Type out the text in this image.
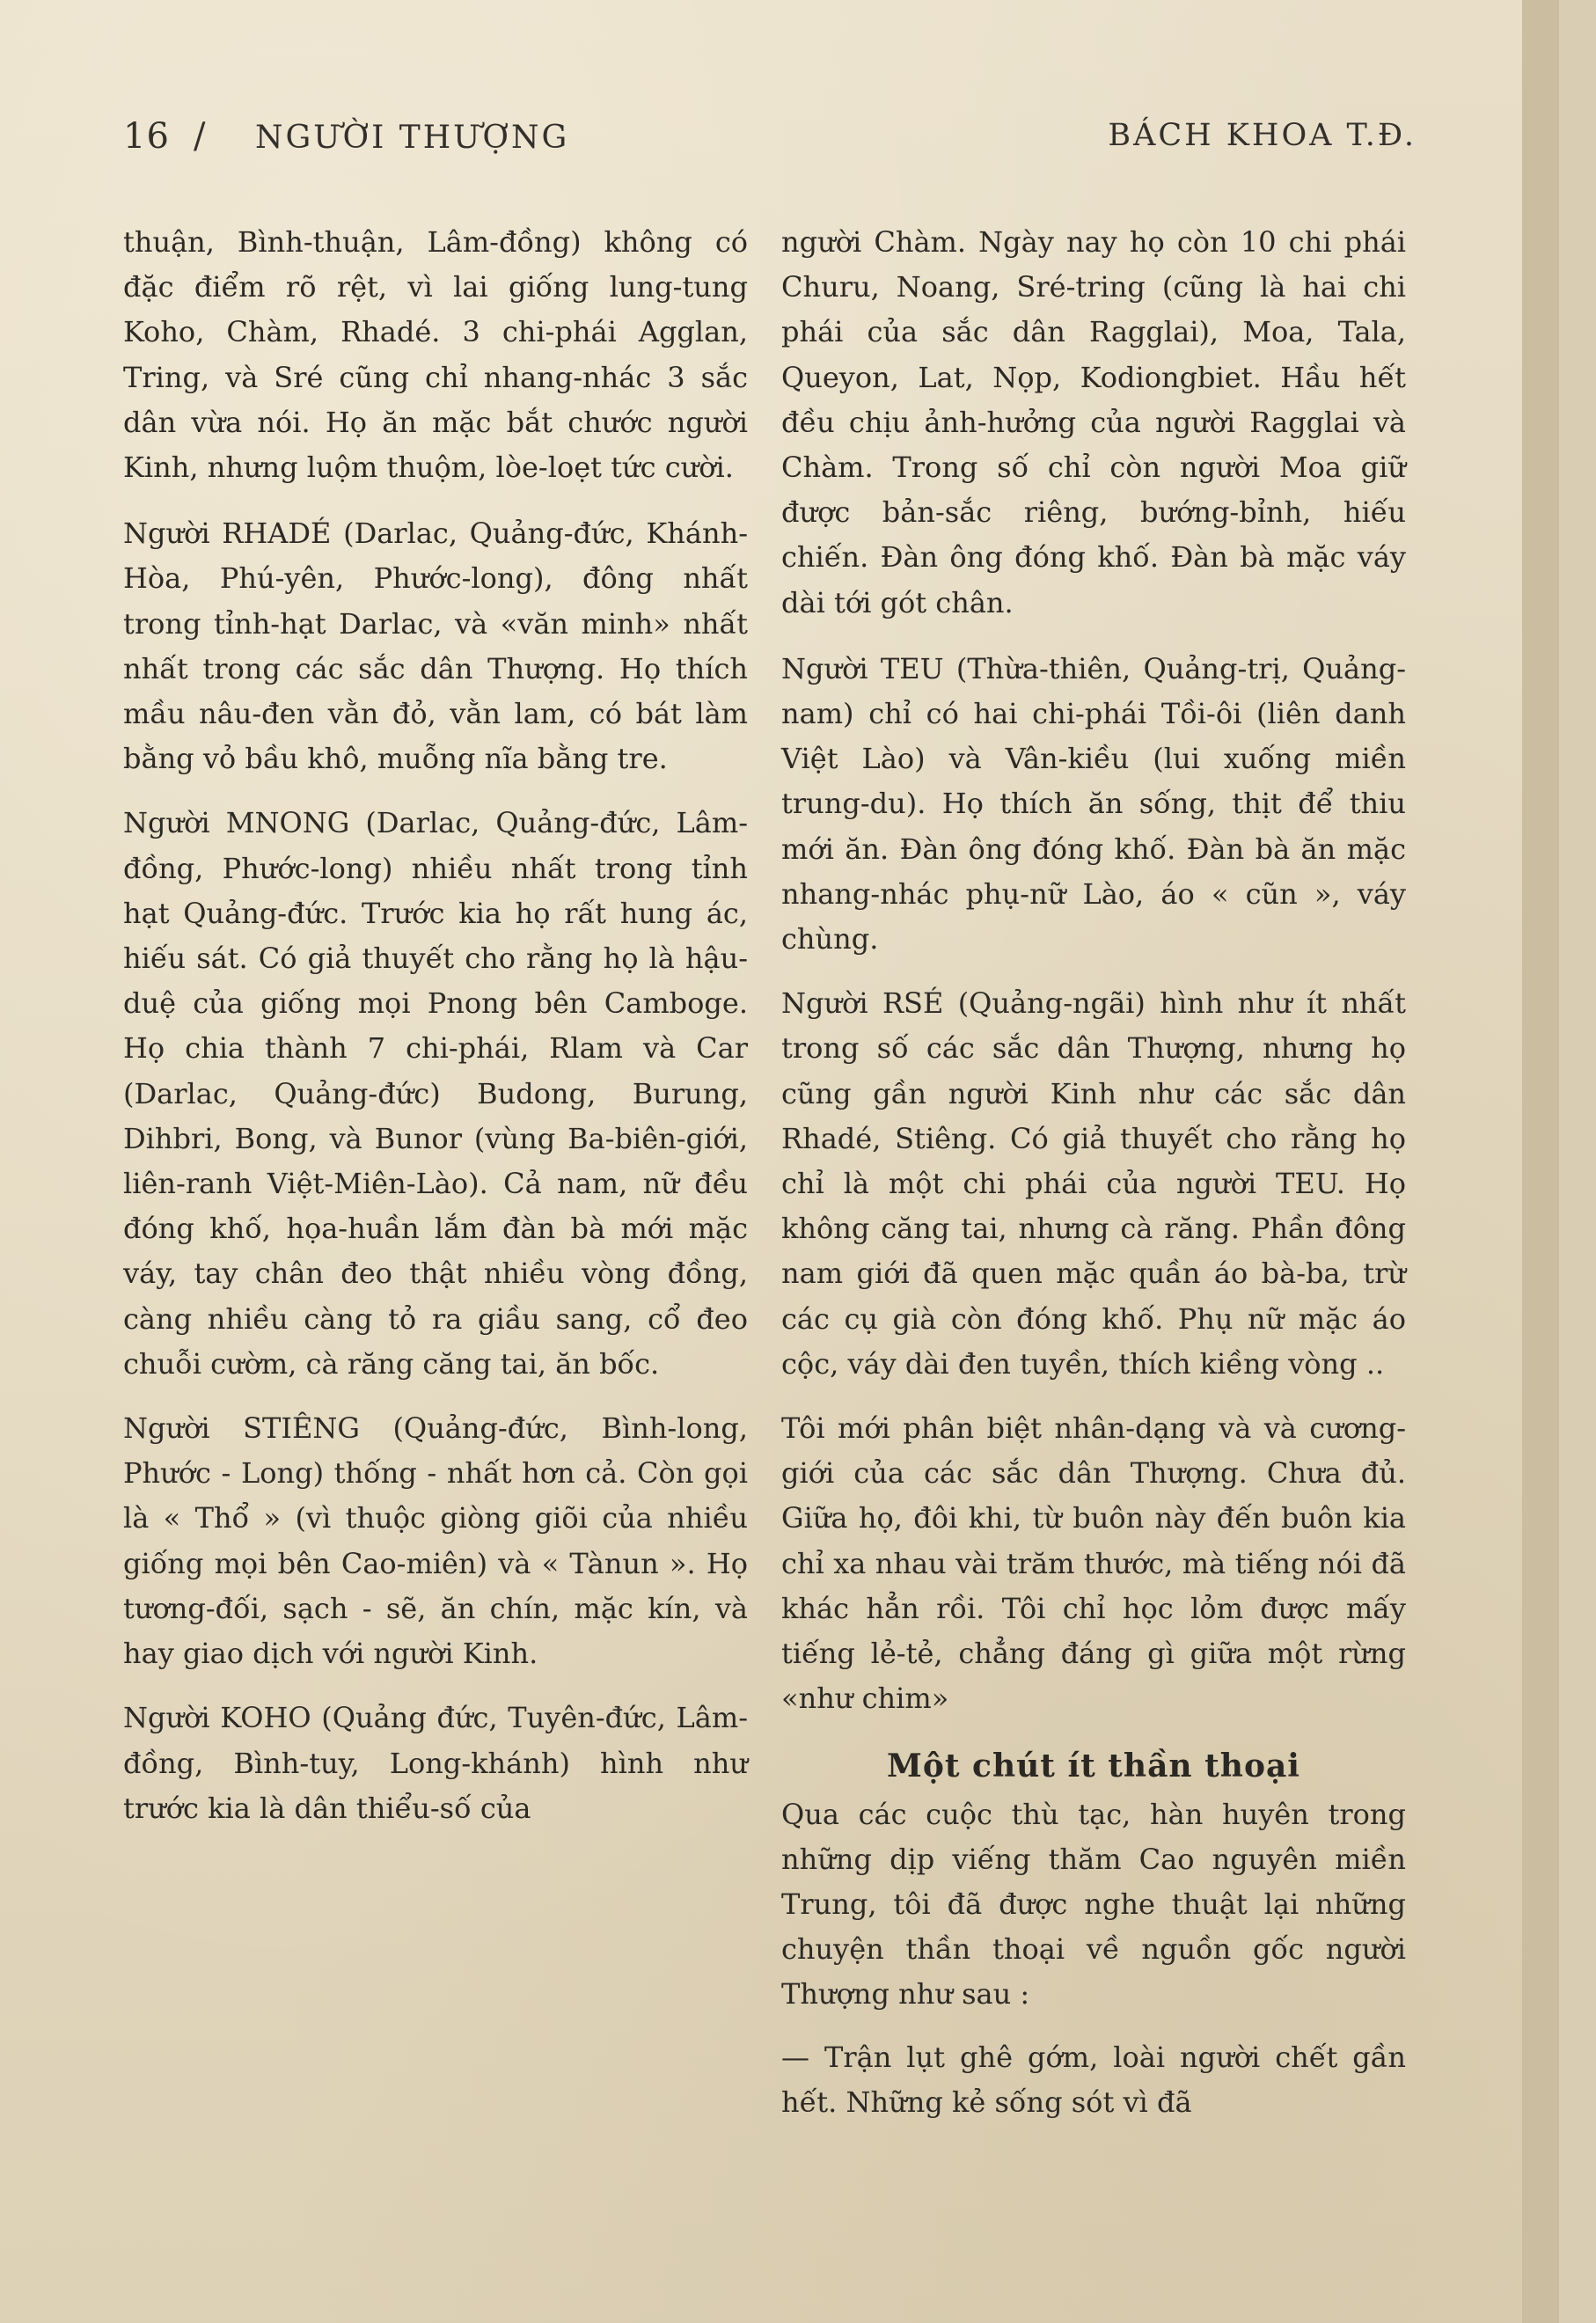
16 / NGƯỜI THƯỢNG	BÁCH KHOA T.Đ.

thuận, Bình-thuận, Lâm-đồng) không có đặc điểm rõ rệt, vì lai giống lung-tung Koho, Chàm, Rhadé. 3 chi-phái Agglan, Tring, và Sré cũng chỉ nhang-nhác 3 sắc dân vừa nói. Họ ăn mặc bắt chước người Kinh, nhưng luộm thuộm, lòe-loẹt tức cười.

Người RHADÉ (Darlac, Quảng-đức, Khánh-Hòa, Phú-yên, Phước-long), đông nhất trong tỉnh-hạt Darlac, và «văn minh» nhất nhất trong các sắc dân Thượng. Họ thích mầu nâu-đen vằn đỏ, vằn lam, có bát làm bằng vỏ bầu khô, muỗng nĩa bằng tre.

Người MNONG (Darlac, Quảng-đức, Lâm-đồng, Phước-long) nhiều nhất trong tỉnh hạt Quảng-đức. Trước kia họ rất hung ác, hiếu sát. Có giả thuyết cho rằng họ là hậu-duệ của giống mọi Pnong bên Camboge. Họ chia thành 7 chi-phái, Rlam và Car (Darlac, Quảng-đức) Budong, Burung, Dihbri, Bong, và Bunor (vùng Ba-biên-giới, liên-ranh Việt-Miên-Lào). Cả nam, nữ đều đóng khố, họa-huần lắm đàn bà mới mặc váy, tay chân đeo thật nhiều vòng đồng, càng nhiều càng tỏ ra giầu sang, cổ đeo chuỗi cườm, cà răng căng tai, ăn bốc.

Người STIÊNG (Quảng-đức, Bình-long, Phước - Long) thống - nhất hơn cả. Còn gọi là « Thổ » (vì thuộc giòng giõi của nhiều giống mọi bên Cao-miên) và « Tànun ». Họ tương-đối, sạch - sẽ, ăn chín, mặc kín, và hay giao dịch với người Kinh.

Người KOHO (Quảng đức, Tuyên-đức, Lâm-đồng, Bình-tuy, Long-khánh) hình như trước kia là dân thiểu-số của

người Chàm. Ngày nay họ còn 10 chi phái Churu, Noang, Sré-tring (cũng là hai chi phái của sắc dân Ragglai), Moa, Tala, Queyon, Lat, Nọp, Kodiongbiet. Hầu hết đều chịu ảnh-hưởng của người Ragglai và Chàm. Trong số chỉ còn người Moa giữ được bản-sắc riêng, bướng-bỉnh, hiếu chiến. Đàn ông đóng khố. Đàn bà mặc váy dài tới gót chân.

Người TEU (Thừa-thiên, Quảng-trị, Quảng-nam) chỉ có hai chi-phái Tồi-ôi (liên danh Việt Lào) và Vân-kiều (lui xuống miền trung-du). Họ thích ăn sống, thịt để thiu mới ăn. Đàn ông đóng khố. Đàn bà ăn mặc nhang-nhác phụ-nữ Lào, áo « cũn », váy chùng.

Người RSÉ (Quảng-ngãi) hình như ít nhất trong số các sắc dân Thượng, nhưng họ cũng gần người Kinh như các sắc dân Rhadé, Stiêng. Có giả thuyết cho rằng họ chỉ là một chi phái của người TEU. Họ không căng tai, nhưng cà răng. Phần đông nam giới đã quen mặc quần áo bà-ba, trừ các cụ già còn đóng khố. Phụ nữ mặc áo cộc, váy dài đen tuyền, thích kiềng vòng ..

Tôi mới phân biệt nhân-dạng và và cương-giới của các sắc dân Thượng. Chưa đủ. Giữa họ, đôi khi, từ buôn này đến buôn kia chỉ xa nhau vài trăm thước, mà tiếng nói đã khác hẳn rồi. Tôi chỉ học lỏm được mấy tiếng lẻ-tẻ, chẳng đáng gì giữa một rừng «như chim»

Một chút ít thần thoại

Qua các cuộc thù tạc, hàn huyên trong những dịp viếng thăm Cao nguyên miền Trung, tôi đã được nghe thuật lại những chuyện thần thoại về nguồn gốc người Thượng như sau :

— Trận lụt ghê gớm, loài người chết gần hết. Những kẻ sống sót vì đã
